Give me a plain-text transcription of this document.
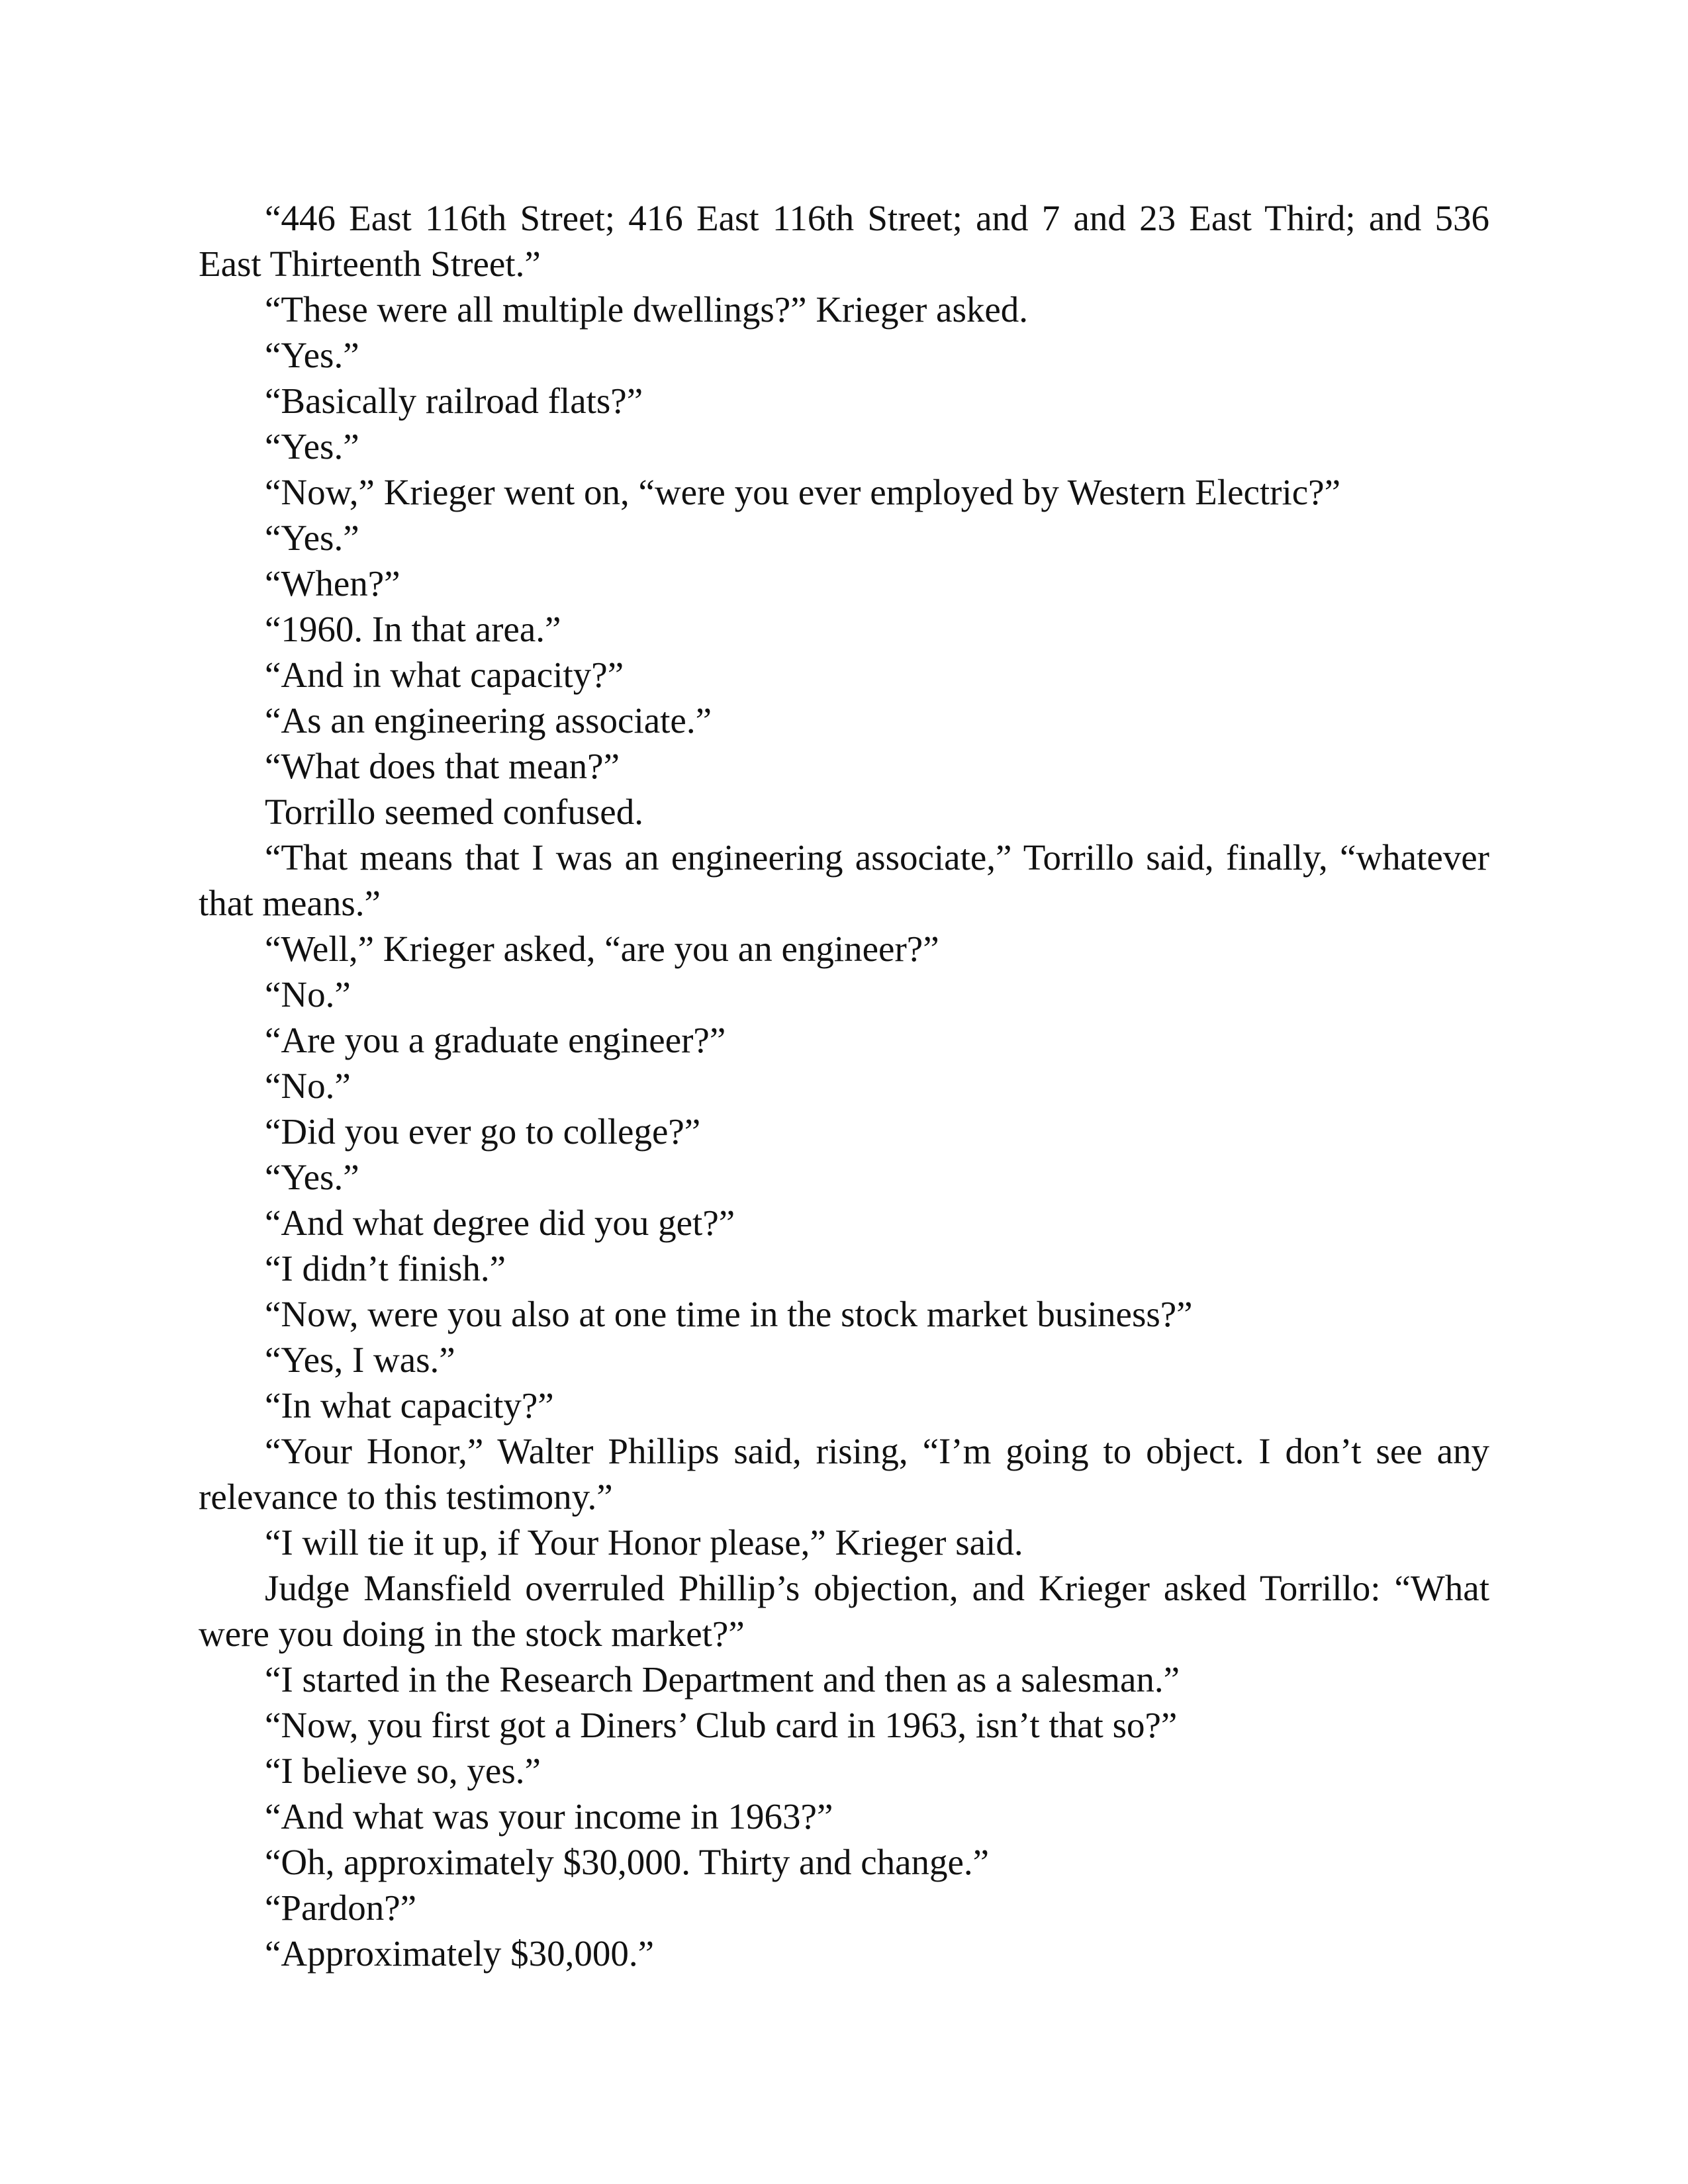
“446 East 116th Street; 416 East 116th Street; and 7 and 23 East Third; and 536 East Thirteenth Street.”

“These were all multiple dwellings?” Krieger asked.

“Yes.”

“Basically railroad flats?”

“Yes.”

“Now,” Krieger went on, “were you ever employed by Western Electric?”

“Yes.”

“When?”

“1960. In that area.”

“And in what capacity?”

“As an engineering associate.”

“What does that mean?”

Torrillo seemed confused.

“That means that I was an engineering associate,” Torrillo said, finally, “whatever that means.”

“Well,” Krieger asked, “are you an engineer?”

“No.”

“Are you a graduate engineer?”

“No.”

“Did you ever go to college?”

“Yes.”

“And what degree did you get?”

“I didn’t finish.”

“Now, were you also at one time in the stock market business?”

“Yes, I was.”

“In what capacity?”

“Your Honor,” Walter Phillips said, rising, “I’m going to object. I don’t see any relevance to this testimony.”

“I will tie it up, if Your Honor please,” Krieger said.

Judge Mansfield overruled Phillip’s objection, and Krieger asked Torrillo: “What were you doing in the stock market?”

“I started in the Research Department and then as a salesman.”

“Now, you first got a Diners’ Club card in 1963, isn’t that so?”

“I believe so, yes.”

“And what was your income in 1963?”

“Oh, approximately $30,000. Thirty and change.”

“Pardon?”

“Approximately $30,000.”
